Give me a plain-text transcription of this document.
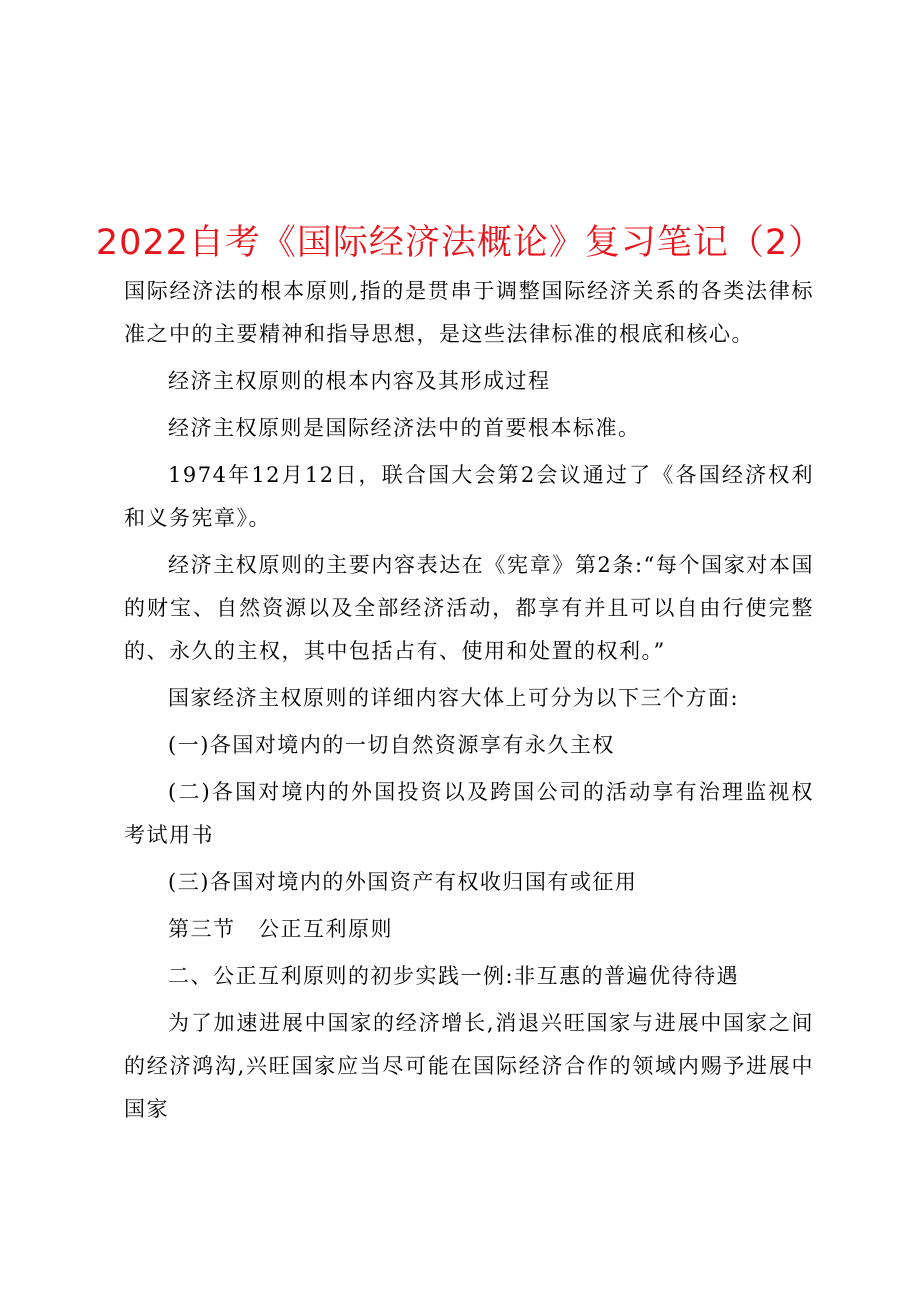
2022自考《国际经济法概论》复习笔记（2）

国际经济法的根本原则,指的是贯串于调整国际经济关系的各类法律标准之中的主要精神和指导思想，是这些法律标准的根底和核心。

经济主权原则的根本内容及其形成过程

经济主权原则是国际经济法中的首要根本标准。

1974年12月12日，联合国大会第2会议通过了《各国经济权利和义务宪章》。

经济主权原则的主要内容表达在《宪章》第2条:“每个国家对本国的财宝、自然资源以及全部经济活动，都享有并且可以自由行使完整的、永久的主权，其中包括占有、使用和处置的权利。”

国家经济主权原则的详细内容大体上可分为以下三个方面:

(一)各国对境内的一切自然资源享有永久主权

(二)各国对境内的外国投资以及跨国公司的活动享有治理监视权考试用书

(三)各国对境内的外国资产有权收归国有或征用

第三节　公正互利原则

二、公正互利原则的初步实践一例:非互惠的普遍优待待遇

为了加速进展中国家的经济增长,消退兴旺国家与进展中国家之间的经济鸿沟,兴旺国家应当尽可能在国际经济合作的领域内赐予进展中国家
